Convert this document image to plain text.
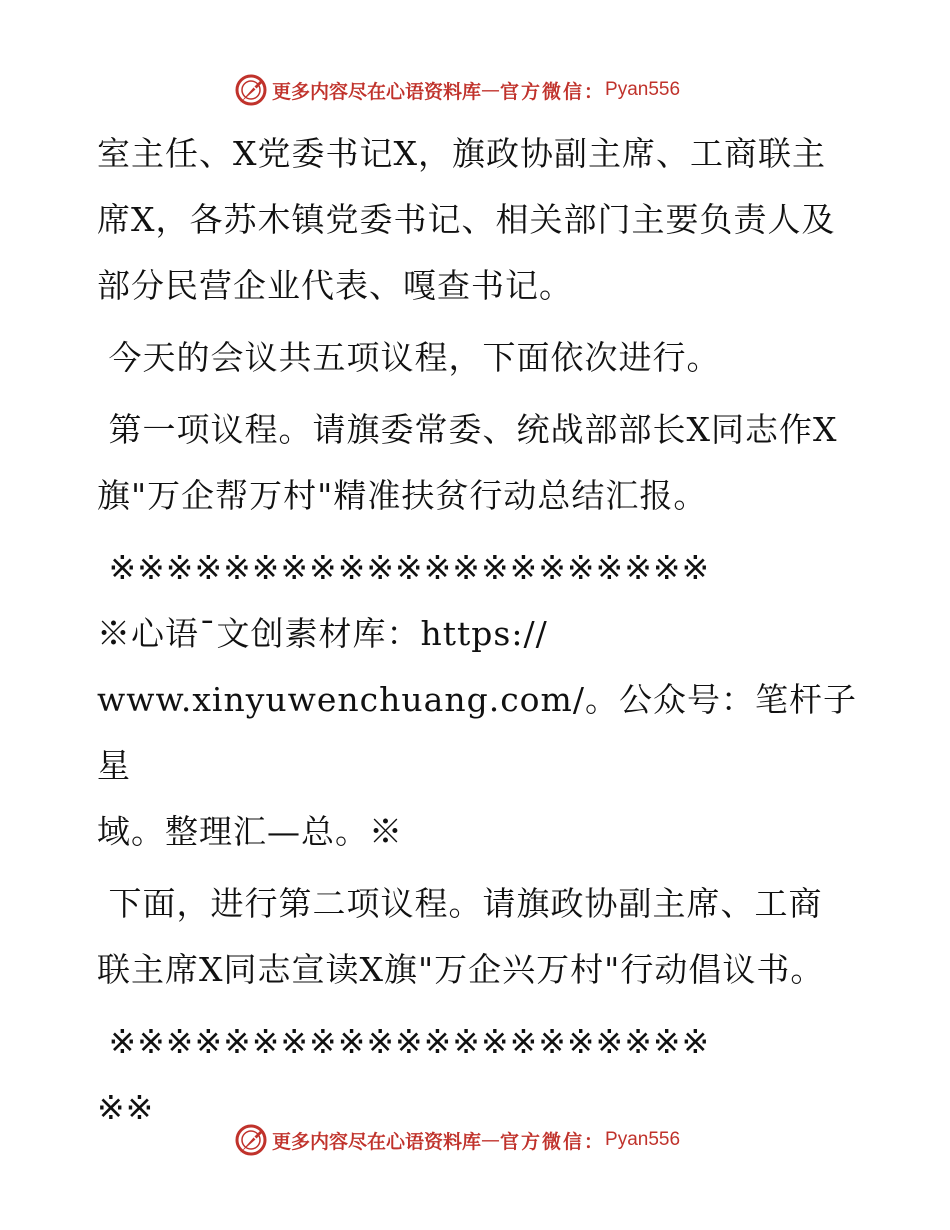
更多内容尽在心语资料库 — 官方微信： Pyan556

室主任、X党委书记X，旗政协副主席、工商联主

席X，各苏木镇党委书记、相关部门主要负责人及

部分民营企业代表、嘎查书记。

今天的会议共五项议程，下面依次进行。

第一项议程。请旗委常委、统战部部长X同志作X

旗"万企帮万村"精准扶贫行动总结汇报。

※※※※※※※※※※※※※※※※※※※※※

※心语¯文创素材库：https://

www.xinyuwenchuang.com/。公众号：笔杆子星

域。整理汇—总。※

下面，进行第二项议程。请旗政协副主席、工商

联主席X同志宣读X旗"万企兴万村"行动倡议书。

※※※※※※※※※※※※※※※※※※※※※

※※

更多内容尽在心语资料库 — 官方微信： Pyan556
